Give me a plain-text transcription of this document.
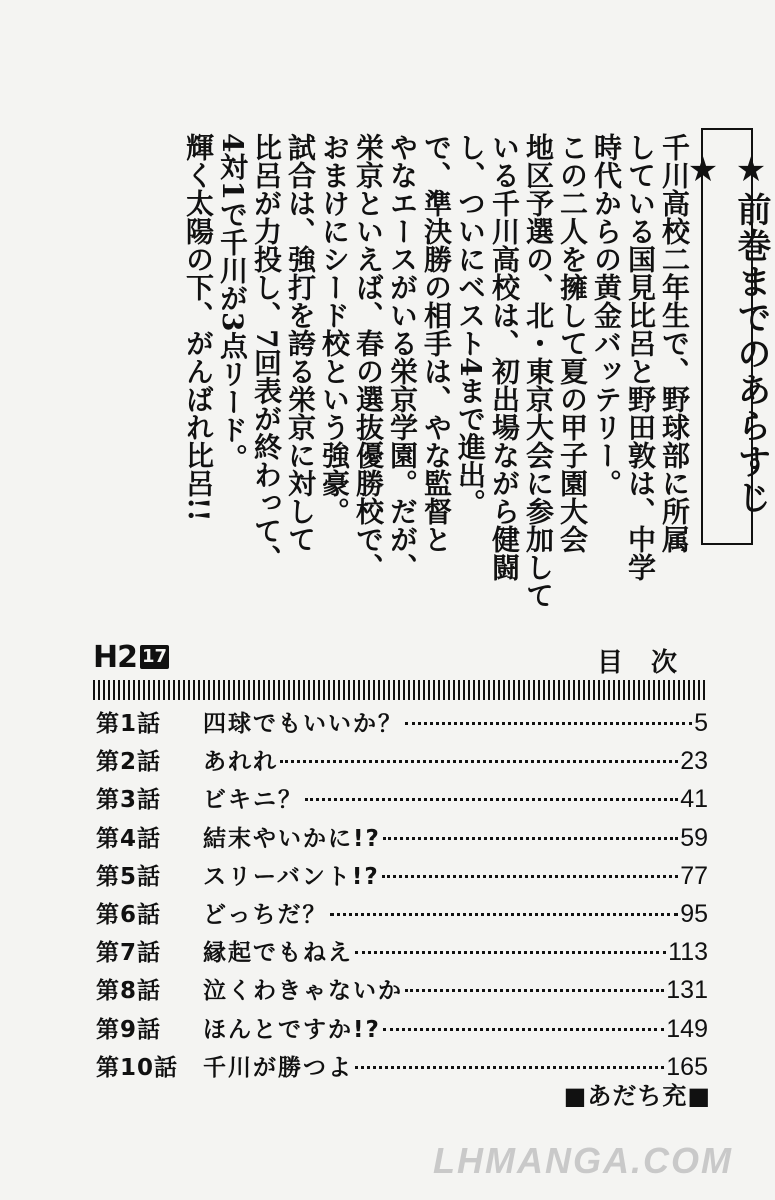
★前巻までのあらすじ★
千川高校二年生で、野球部に所属
している国見比呂と野田敦は、中学
時代からの黄金バッテリー。
この二人を擁して夏の甲子園大会
地区予選の、北・東京大会に参加して
いる千川高校は、初出場ながら健闘
し、ついにベスト4まで進出。
で、準決勝の相手は、やな監督と
やなエースがいる栄京学園。だが、
栄京といえば、春の選抜優勝校で、
おまけにシード校という強豪。
試合は、強打を誇る栄京に対して
比呂が力投し、7回表が終わって、
4対1で千川が3点リード。
輝く太陽の下、がんばれ比呂!!
H2 17	目次
第1話	四球でもいいか？	5
第2話	あれれ	23
第3話	ビキニ？	41
第4話	結末やいかに!?	59
第5話	スリーバント!?	77
第6話	どっちだ？	95
第7話	縁起でもねえ	113
第8話	泣くわきゃないか	131
第9話	ほんとですか!?	149
第10話	千川が勝つよ	165
■あだち充■
LHMANGA.COM
